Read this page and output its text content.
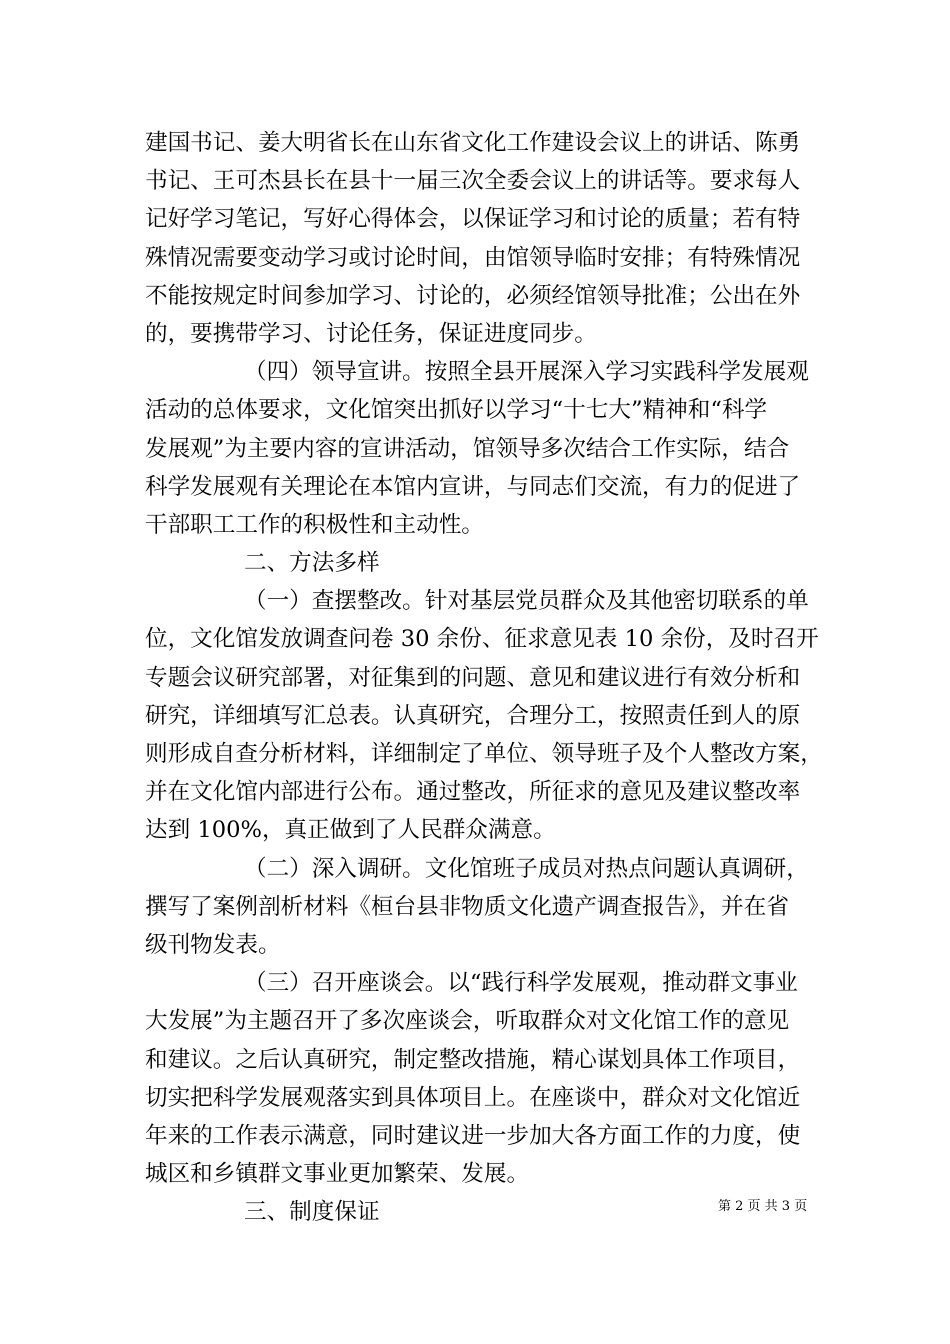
建国书记、姜大明省长在山东省文化工作建设会议上的讲话、陈勇
书记、王可杰县长在县十一届三次全委会议上的讲话等。要求每人
记好学习笔记，写好心得体会，以保证学习和讨论的质量；若有特
殊情况需要变动学习或讨论时间，由馆领导临时安排；有特殊情况
不能按规定时间参加学习、讨论的，必须经馆领导批准；公出在外
的，要携带学习、讨论任务，保证进度同步。
（四）领导宣讲。按照全县开展深入学习实践科学发展观
活动的总体要求，文化馆突出抓好以学习“十七大”精神和“科学
发展观”为主要内容的宣讲活动，馆领导多次结合工作实际，结合
科学发展观有关理论在本馆内宣讲，与同志们交流，有力的促进了
干部职工工作的积极性和主动性。
二、方法多样
（一）查摆整改。针对基层党员群众及其他密切联系的单
位，文化馆发放调查问卷 30 余份、征求意见表 10 余份，及时召开
专题会议研究部署，对征集到的问题、意见和建议进行有效分析和
研究，详细填写汇总表。认真研究，合理分工，按照责任到人的原
则形成自查分析材料，详细制定了单位、领导班子及个人整改方案，
并在文化馆内部进行公布。通过整改，所征求的意见及建议整改率
达到 100%，真正做到了人民群众满意。
（二）深入调研。文化馆班子成员对热点问题认真调研，
撰写了案例剖析材料《桓台县非物质文化遗产调查报告》，并在省
级刊物发表。
（三）召开座谈会。以“践行科学发展观，推动群文事业
大发展”为主题召开了多次座谈会，听取群众对文化馆工作的意见
和建议。之后认真研究，制定整改措施，精心谋划具体工作项目，
切实把科学发展观落实到具体项目上。在座谈中，群众对文化馆近
年来的工作表示满意，同时建议进一步加大各方面工作的力度，使
城区和乡镇群文事业更加繁荣、发展。
三、制度保证	第 2 页 共 3 页
